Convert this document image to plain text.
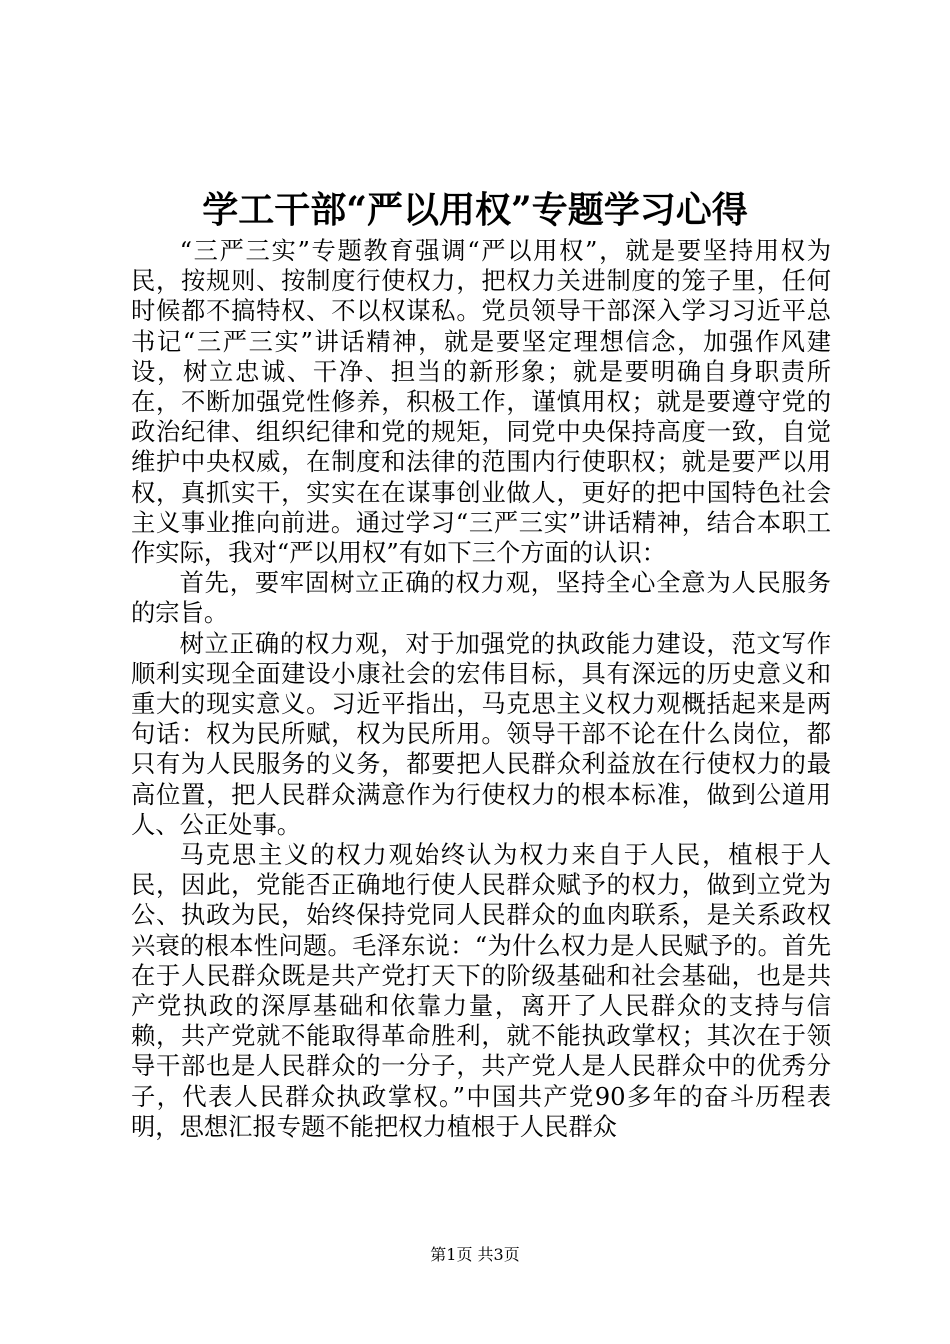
学工干部“严以用权”专题学习心得

“三严三实”专题教育强调“严以用权”，就是要坚持用权为民，按规则、按制度行使权力，把权力关进制度的笼子里，任何时候都不搞特权、不以权谋私。党员领导干部深入学习习近平总书记“三严三实”讲话精神，就是要坚定理想信念，加强作风建设，树立忠诚、干净、担当的新形象；就是要明确自身职责所在，不断加强党性修养，积极工作，谨慎用权；就是要遵守党的政治纪律、组织纪律和党的规矩，同党中央保持高度一致，自觉维护中央权威，在制度和法律的范围内行使职权；就是要严以用权，真抓实干，实实在在谋事创业做人，更好的把中国特色社会主义事业推向前进。通过学习“三严三实”讲话精神，结合本职工作实际，我对“严以用权”有如下三个方面的认识：

首先，要牢固树立正确的权力观，坚持全心全意为人民服务的宗旨。

树立正确的权力观，对于加强党的执政能力建设，范文写作顺利实现全面建设小康社会的宏伟目标，具有深远的历史意义和重大的现实意义。习近平指出，马克思主义权力观概括起来是两句话：权为民所赋，权为民所用。领导干部不论在什么岗位，都只有为人民服务的义务，都要把人民群众利益放在行使权力的最高位置，把人民群众满意作为行使权力的根本标准，做到公道用人、公正处事。

马克思主义的权力观始终认为权力来自于人民，植根于人民，因此，党能否正确地行使人民群众赋予的权力，做到立党为公、执政为民，始终保持党同人民群众的血肉联系，是关系政权兴衰的根本性问题。毛泽东说：“为什么权力是人民赋予的。首先在于人民群众既是共产党打天下的阶级基础和社会基础，也是共产党执政的深厚基础和依靠力量，离开了人民群众的支持与信赖，共产党就不能取得革命胜利，就不能执政掌权；其次在于领导干部也是人民群众的一分子，共产党人是人民群众中的优秀分子，代表人民群众执政掌权。”中国共产党90多年的奋斗历程表明，思想汇报专题不能把权力植根于人民群众

第1页 共3页
